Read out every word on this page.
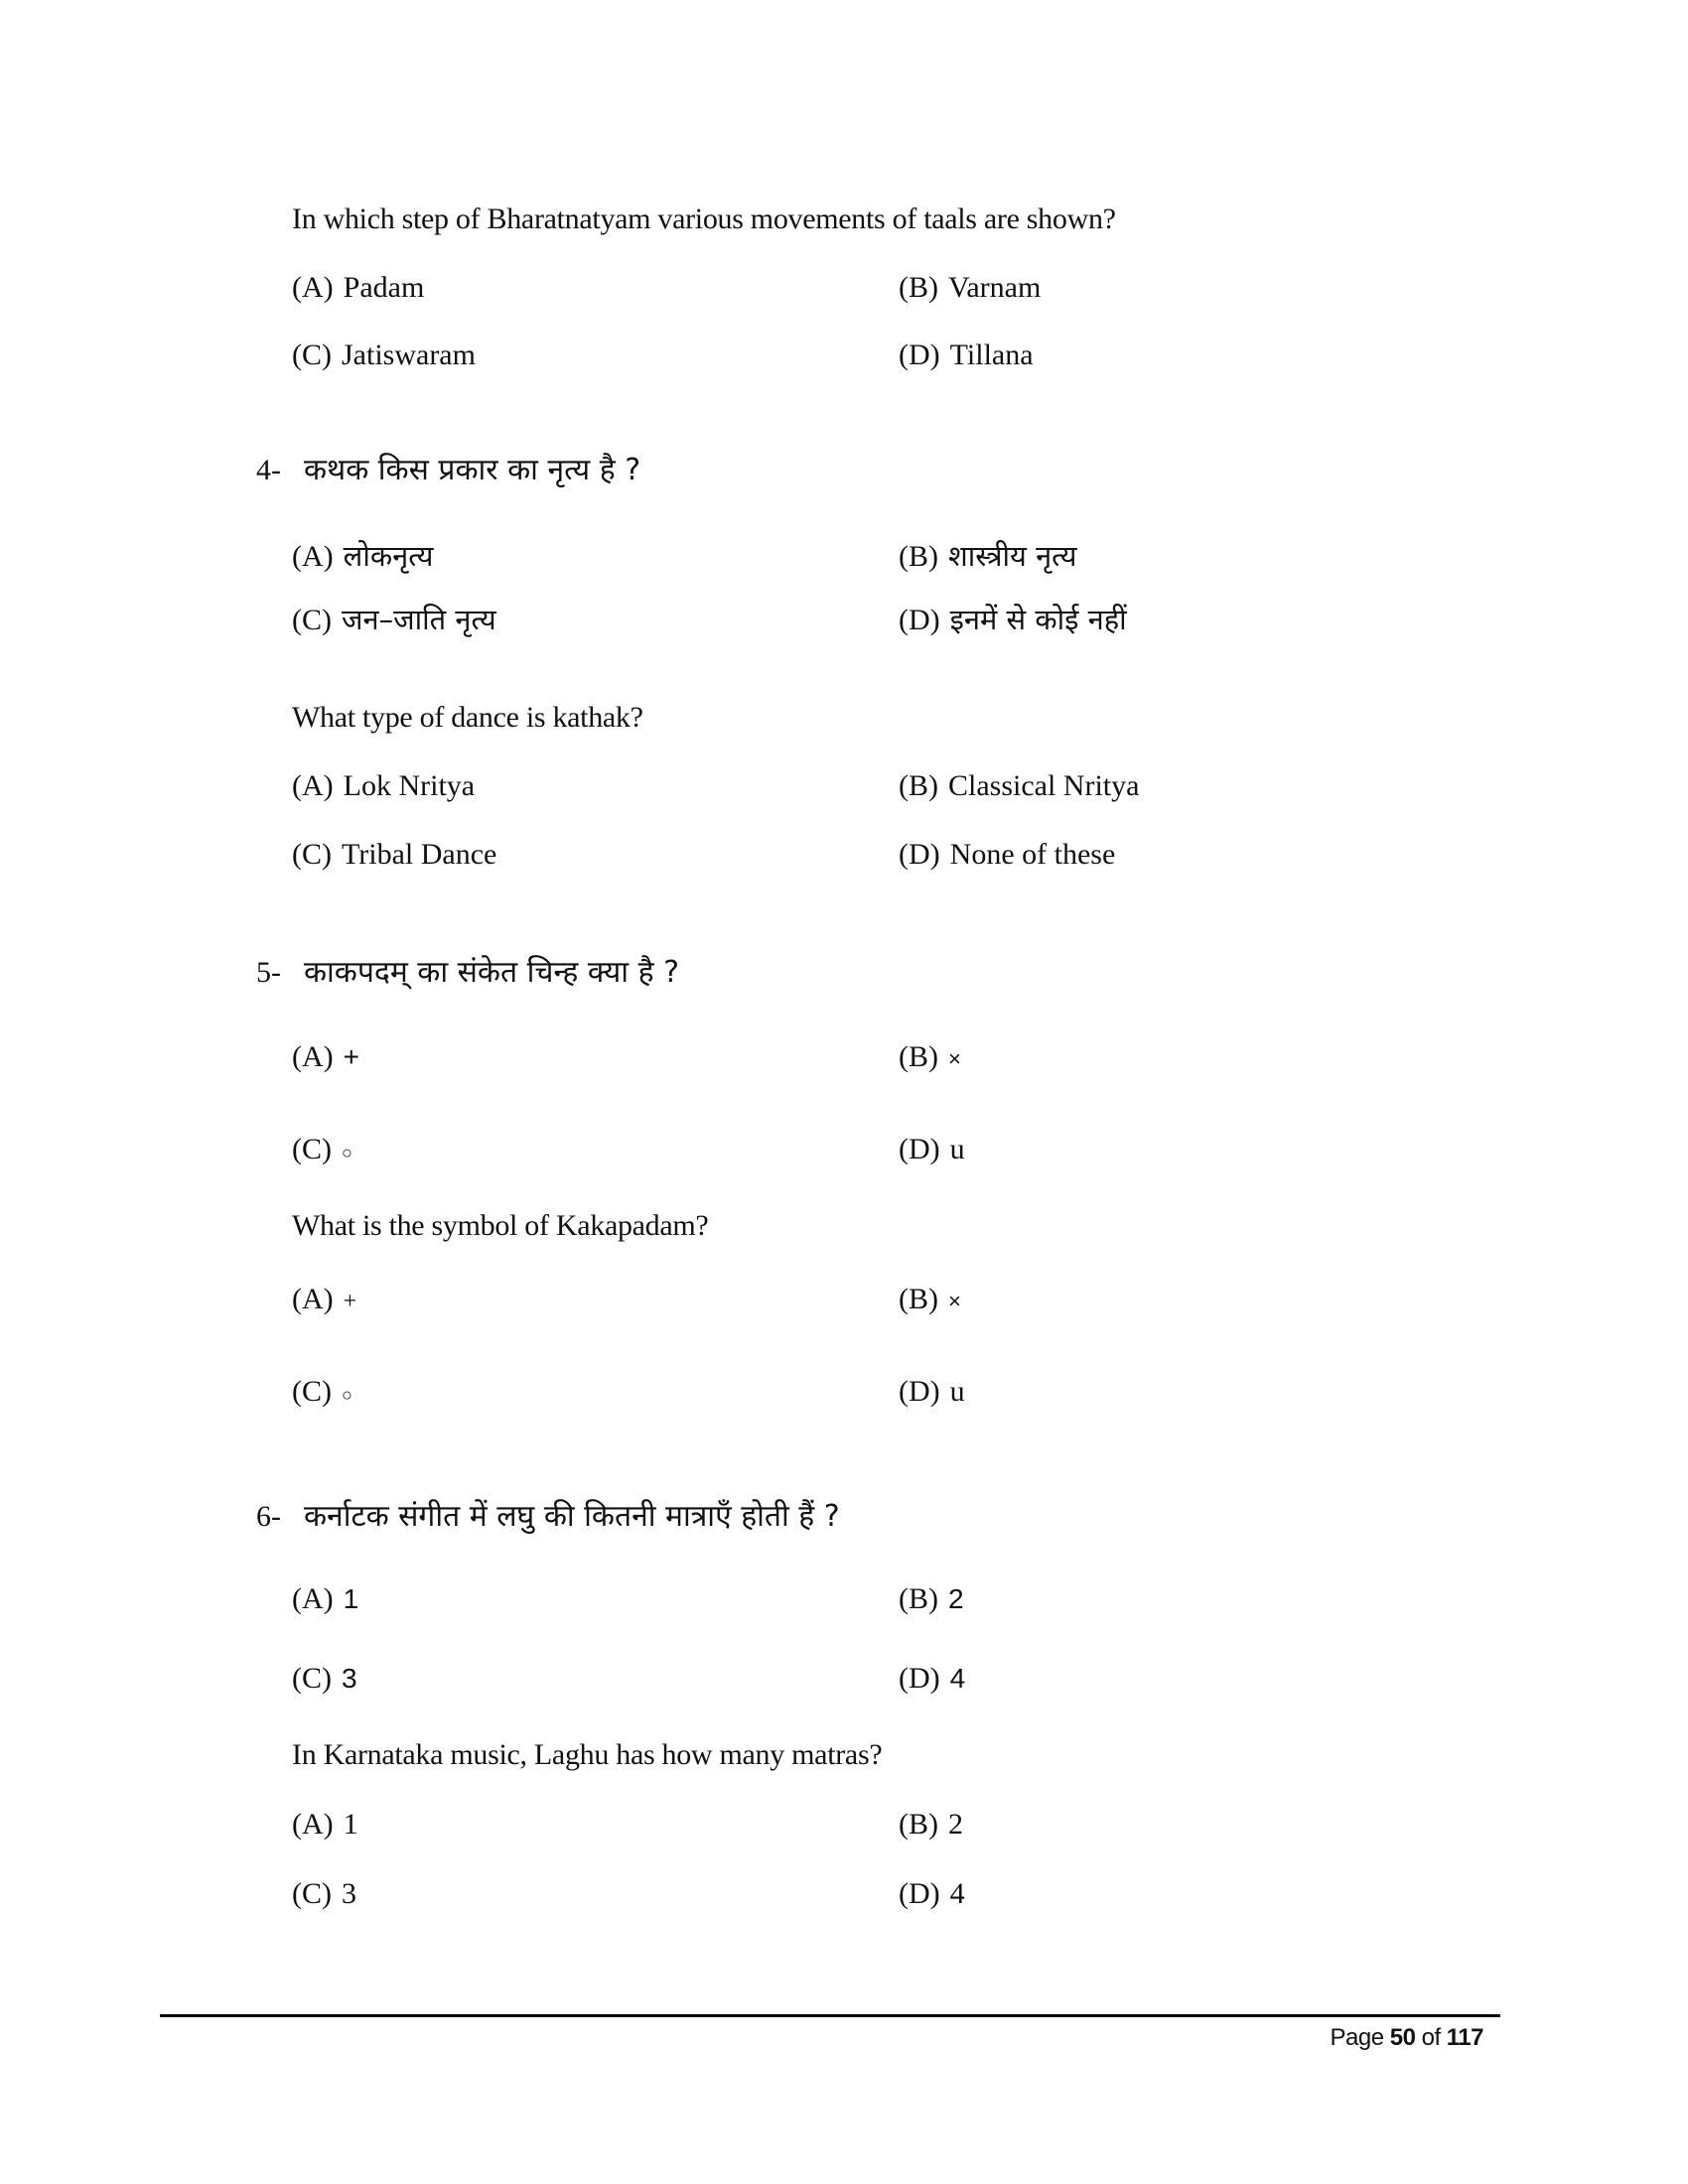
In which step of Bharatnatyam various movements of taals are shown?
(A) Padam	(B) Varnam
(C) Jatiswaram	(D) Tillana
4- कथक किस प्रकार का नृत्य है ?
(A) लोकनृत्य	(B) शास्त्रीय नृत्य
(C) जन–जाति नृत्य	(D) इनमें से कोई नहीं
What type of dance is kathak?
(A) Lok Nritya	(B) Classical Nritya
(C) Tribal Dance	(D) None of these
5- काकपदम् का संकेत चिन्ह क्या है ?
(A) +	(B) ×
(C) ○	(D) u
What is the symbol of Kakapadam?
(A) +	(B) ×
(C) ○	(D) u
6- कर्नाटक संगीत में लघु की कितनी मात्राएँ होती हैं ?
(A) 1	(B) 2
(C) 3	(D) 4
In Karnataka music, Laghu has how many matras?
(A) 1	(B) 2
(C) 3	(D) 4
Page 50 of 117
